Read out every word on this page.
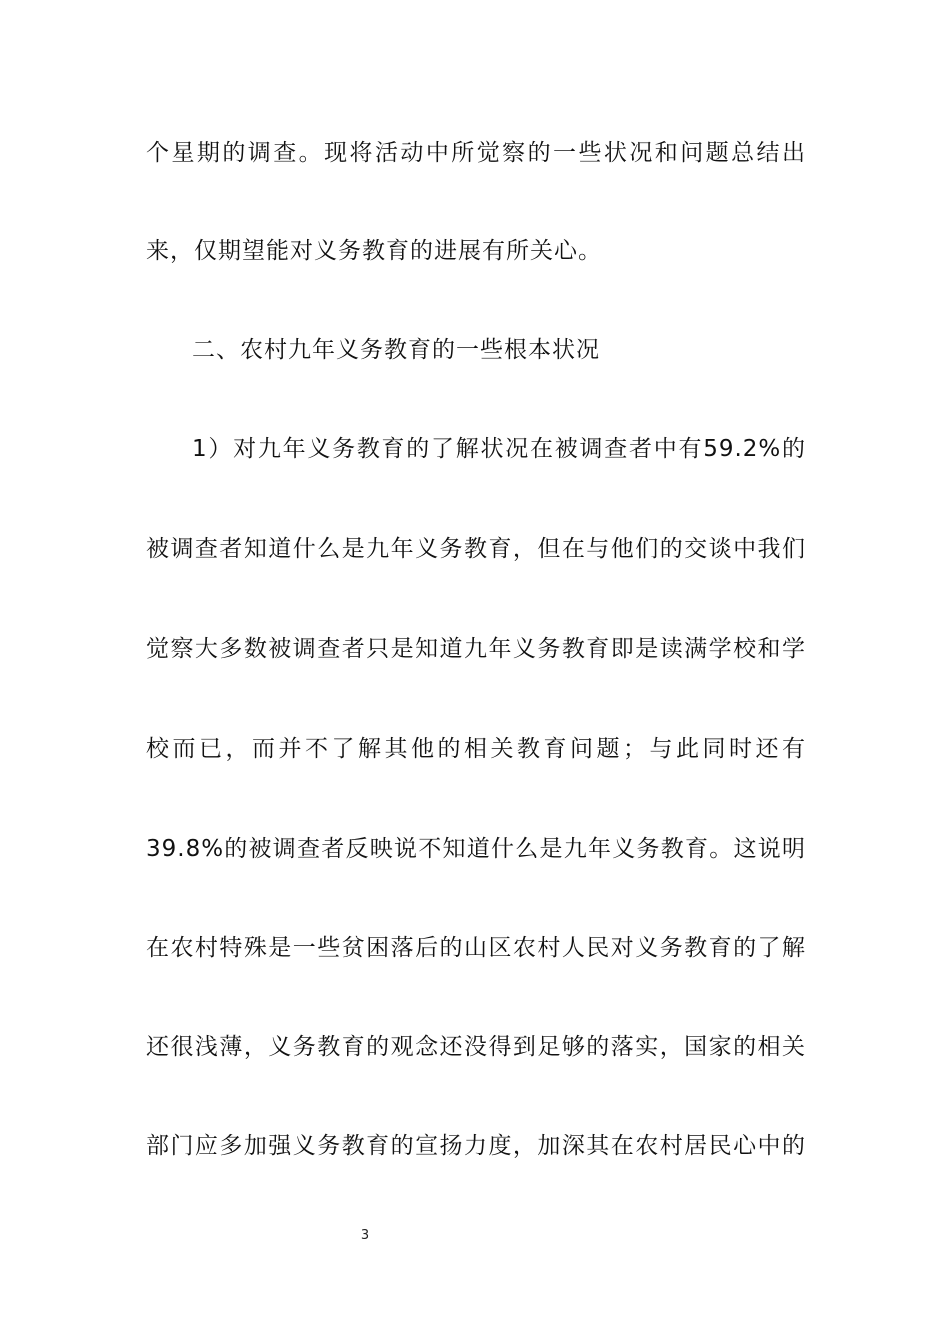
个星期的调查。现将活动中所觉察的一些状况和问题总结出
来，仅期望能对义务教育的进展有所关心。
二、农村九年义务教育的一些根本状况
1）对九年义务教育的了解状况在被调查者中有59.2%的
被调查者知道什么是九年义务教育，但在与他们的交谈中我们
觉察大多数被调查者只是知道九年义务教育即是读满学校和学
校而已，而并不了解其他的相关教育问题；与此同时还有
39.8%的被调查者反映说不知道什么是九年义务教育。这说明
在农村特殊是一些贫困落后的山区农村人民对义务教育的了解
还很浅薄，义务教育的观念还没得到足够的落实，国家的相关
部门应多加强义务教育的宣扬力度，加深其在农村居民心中的
3
